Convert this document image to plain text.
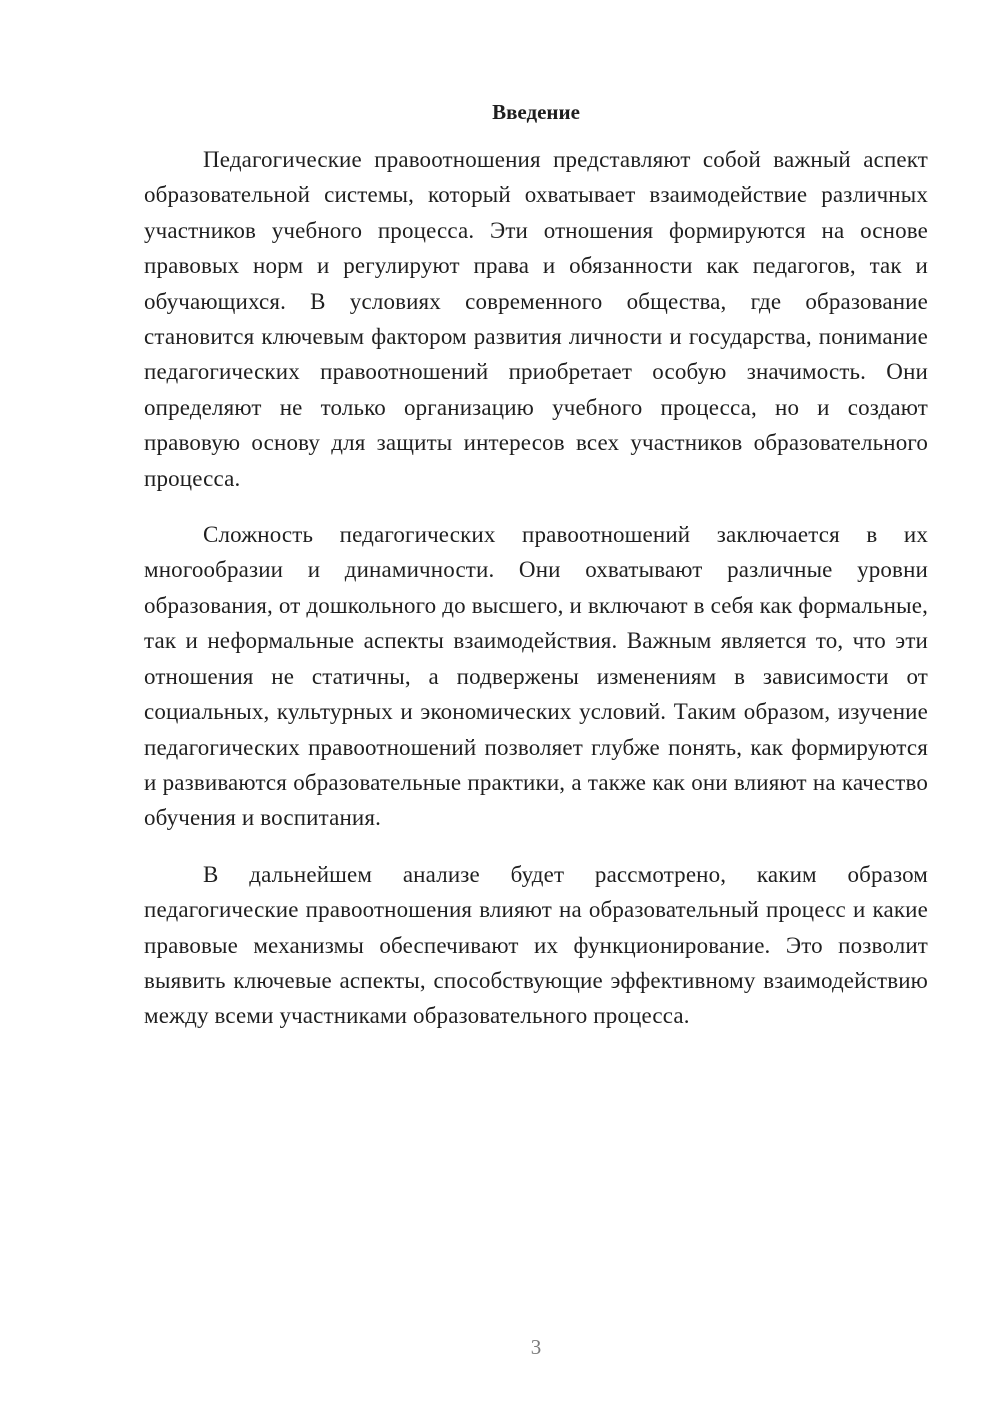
Введение

Педагогические правоотношения представляют собой важный аспект образовательной системы, который охватывает взаимодействие различных участников учебного процесса. Эти отношения формируются на основе правовых норм и регулируют права и обязанности как педагогов, так и обучающихся. В условиях современного общества, где образование становится ключевым фактором развития личности и государства, понимание педагогических правоотношений приобретает особую значимость. Они определяют не только организацию учебного процесса, но и создают правовую основу для защиты интересов всех участников образовательного процесса.

Сложность педагогических правоотношений заключается в их многообразии и динамичности. Они охватывают различные уровни образования, от дошкольного до высшего, и включают в себя как формальные, так и неформальные аспекты взаимодействия. Важным является то, что эти отношения не статичны, а подвержены изменениям в зависимости от социальных, культурных и экономических условий. Таким образом, изучение педагогических правоотношений позволяет глубже понять, как формируются и развиваются образовательные практики, а также как они влияют на качество обучения и воспитания.

В дальнейшем анализе будет рассмотрено, каким образом педагогические правоотношения влияют на образовательный процесс и какие правовые механизмы обеспечивают их функционирование. Это позволит выявить ключевые аспекты, способствующие эффективному взаимодействию между всеми участниками образовательного процесса.

3
